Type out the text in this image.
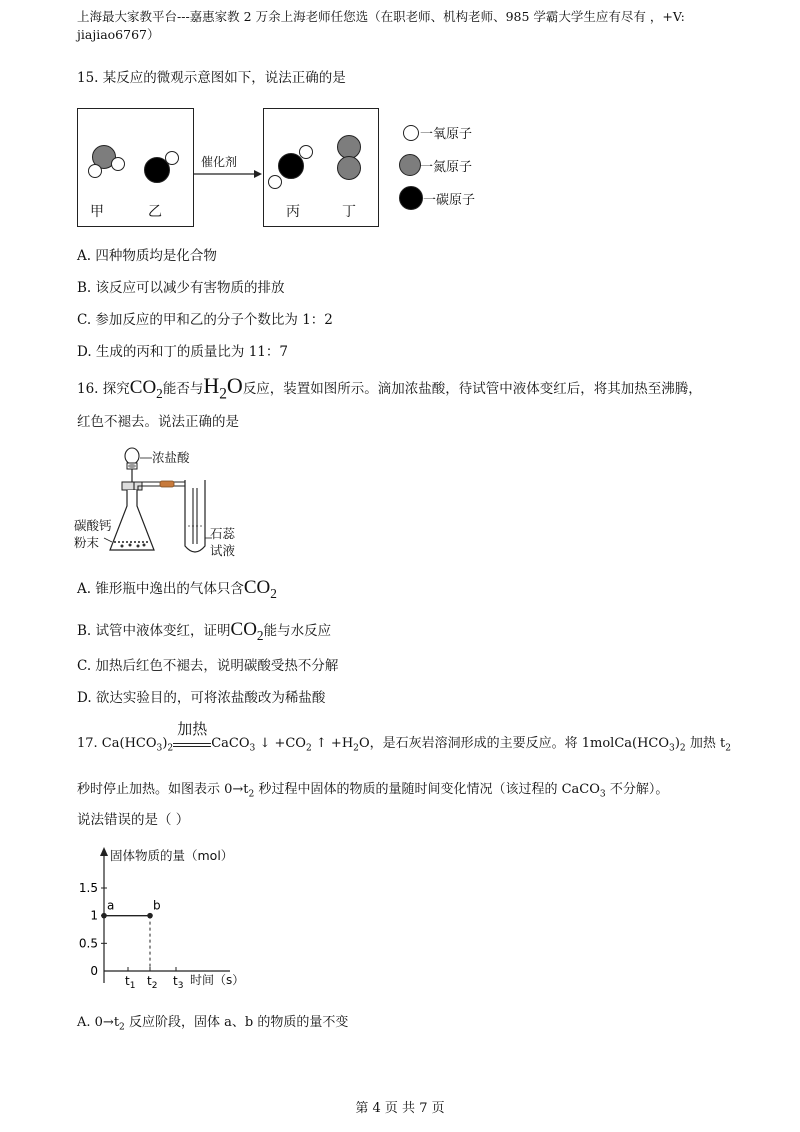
上海最大家教平台---嘉惠家教 2 万余上海老师任您选（在职老师、机构老师、985 学霸大学生应有尽有 ，+V:
jiajiao6767）
15. 某反应的微观示意图如下，说法正确的是
甲	乙
催化剂
丙	丁
一氧原子
一氮原子
一碳原子
A. 四种物质均是化合物
B. 该反应可以减少有害物质的排放
C. 参加反应的甲和乙的分子个数比为 1：2
D. 生成的丙和丁的质量比为 11：7
16. 探究$CO_2$能否与$H_2O$反应，装置如图所示。滴加浓盐酸，待试管中液体变红后，将其加热至沸腾，
红色不褪去。说法正确的是
浓盐酸
碳酸钙
粉末
石蕊
试液
A. 锥形瓶中逸出的气体只含$CO_2$
B. 试管中液体变红，证明$CO_2$能与水反应
C. 加热后红色不褪去，说明碳酸受热不分解
D. 欲达实验目的，可将浓盐酸改为稀盐酸
17. $Ca(HCO_3)_2$
加热
CaCO$_3$ ↓ $+CO_2$ ↑ $+H_2O$，是石灰岩溶洞形成的主要反应。将 $1molCa(HCO_3)_2$ 加热 $t_2$
秒时停止加热。如图表示 $0\to t_2$ 秒过程中固体的物质的量随时间变化情况（该过程的 CaCO$_3$ 不分解）。
说法错误的是（ ）
1.5
1
0.5
0
$t_1$ $t_2$ $t_3$
a	b
固体物质的量（mol）
时间（s）
A. $0\to t_2$ 反应阶段，固体 a、b 的物质的量不变
第 4 页 共 7 页
